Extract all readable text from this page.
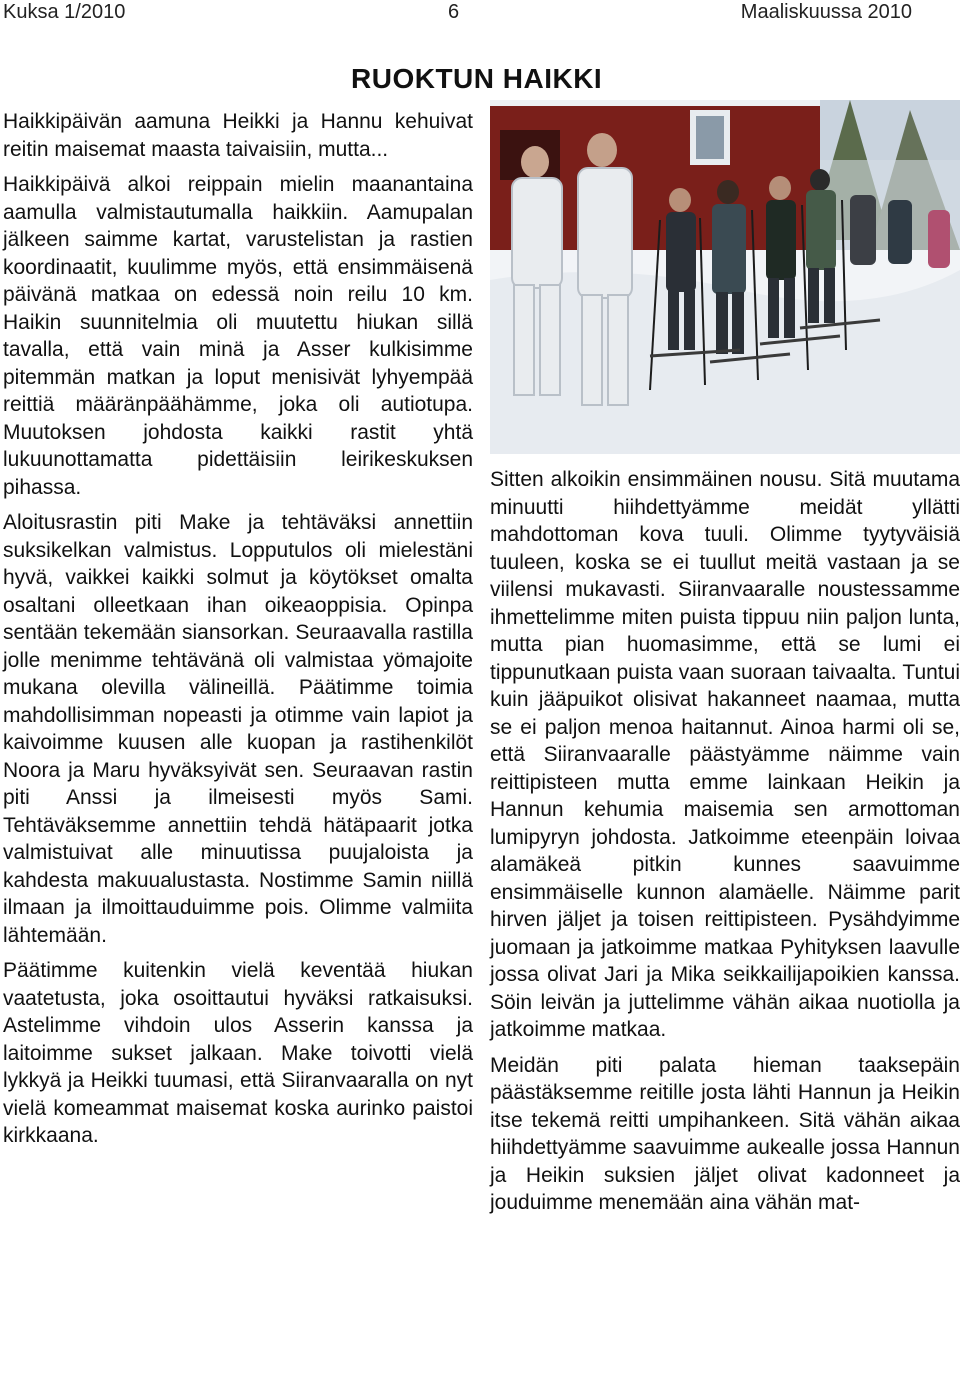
Kuksa 1/2010	6	Maaliskuussa 2010
RUOKTUN HAIKKI

Haikkipäivän aamuna Heikki ja Hannu kehuivat reitin maisemat maasta taivaisiin, mutta...

Haikkipäivä alkoi reippain mielin maanantaina aamulla valmistautumalla haikkiin. Aamupalan jälkeen saimme kartat, varustelistan ja rastien koordinaatit, kuulimme myös, että ensimmäisenä päivänä matkaa on edessä noin reilu 10 km. Haikin suunnitelmia oli muutettu hiukan sillä tavalla, että vain minä ja Asser kulkisimme pitemmän matkan ja loput menisivät lyhyempää reittiä määränpäähämme, joka oli autiotupa. Muutoksen johdosta kaikki rastit yhtä lukuunottamatta pidettäisiin leirikeskuksen pihassa.

Aloitusrastin piti Make ja tehtäväksi annettiin suksikelkan valmistus. Lopputulos oli mielestäni hyvä, vaikkei kaikki solmut ja köytökset omalta osaltani olleetkaan ihan oikeaoppisia. Opinpa sentään tekemään siansorkan. Seuraavalla rastilla jolle menimme tehtävänä oli valmistaa yömajoite mukana olevilla välineillä. Päätimme toimia mahdollisimman nopeasti ja otimme vain lapiot ja kaivoimme kuusen alle kuopan ja rastihenkilöt Noora ja Maru hyväksyivät sen. Seuraavan rastin piti Anssi ja ilmeisesti myös Sami. Tehtäväksemme annettiin tehdä hätäpaarit jotka valmistuivat alle minuutissa puujaloista ja kahdesta makuualustasta. Nostimme Samin niillä ilmaan ja ilmoittauduimme pois. Olimme valmiita lähtemään.

Päätimme kuitenkin vielä keventää hiukan vaatetusta, joka osoittautui hyväksi ratkaisuksi. Astelimme vihdoin ulos Asserin kanssa ja laitoimme sukset jalkaan. Make toivotti vielä lykkyä ja Heikki tuumasi, että Siiranvaaralla on nyt vielä komeammat maisemat koska aurinko paistoi kirkkaana.

Sitten alkoikin ensimmäinen nousu. Sitä muutama minuutti hiihdettyämme meidät yllätti mahdottoman kova tuuli. Olimme tyytyväisiä tuuleen, koska se ei tuullut meitä vastaan ja se viilensi mukavasti. Siiranvaaralle noustessamme ihmettelimme miten puista tippuu niin paljon lunta, mutta pian huomasimme, että se lumi ei tippunutkaan puista vaan suoraan taivaalta. Tuntui kuin jääpuikot olisivat hakanneet naamaa, mutta se ei paljon menoa haitannut. Ainoa harmi oli se, että Siiranvaaralle päästyämme näimme vain reittipisteen mutta emme lainkaan Heikin ja Hannun kehumia maisemia sen armottoman lumipyryn johdosta. Jatkoimme eteenpäin loivaa alamäkeä pitkin kunnes saavuimme ensimmäiselle kunnon alamäelle. Näimme parit hirven jäljet ja toisen reittipisteen. Pysähdyimme juomaan ja jatkoimme matkaa Pyhityksen laavulle jossa olivat Jari ja Mika seikkailijapoikien kanssa. Söin leivän ja juttelimme vähän aikaa nuotiolla ja jatkoimme matkaa.

Meidän piti palata hieman taaksepäin päästäksemme reitille josta lähti Hannun ja Heikin itse tekemä reitti umpihankeen. Sitä vähän aikaa hiihdettyämme saavuimme aukealle jossa Hannun ja Heikin suksien jäljet olivat kadonneet ja jouduimme menemään aina vähän mat-
